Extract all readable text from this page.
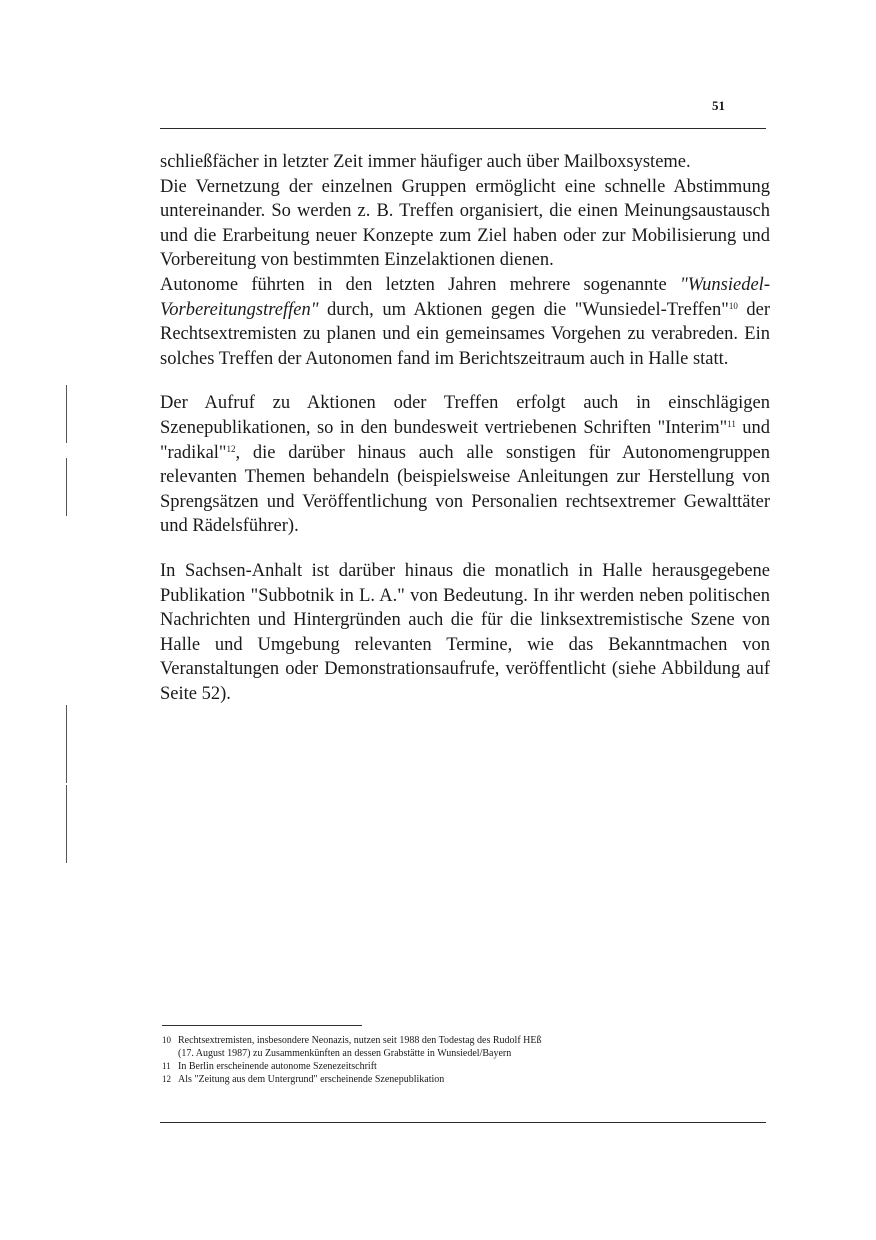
51

schließfächer in letzter Zeit immer häufiger auch über Mailboxsysteme.

Die Vernetzung der einzelnen Gruppen ermöglicht eine schnelle Abstimmung untereinander. So werden z. B. Treffen organisiert, die einen Meinungsaustausch und die Erarbeitung neuer Konzepte zum Ziel haben oder zur Mobilisierung und Vorbereitung von bestimmten Einzelaktionen dienen.

Autonome führten in den letzten Jahren mehrere sogenannte "Wunsiedel-Vorbereitungstreffen" durch, um Aktionen gegen die "Wunsiedel-Treffen"$^{10}$ der Rechtsextremisten zu planen und ein gemeinsames Vorgehen zu verabreden. Ein solches Treffen der Autonomen fand im Berichtszeitraum auch in Halle statt.

Der Aufruf zu Aktionen oder Treffen erfolgt auch in einschlägigen Szenepublikationen, so in den bundesweit vertriebenen Schriften "Interim"$^{11}$ und "radikal"$^{12}$, die darüber hinaus auch alle sonstigen für Autonomengruppen relevanten Themen behandeln (beispielsweise Anleitungen zur Herstellung von Sprengsätzen und Veröffentlichung von Personalien rechtsextremer Gewalttäter und Rädelsführer).

In Sachsen-Anhalt ist darüber hinaus die monatlich in Halle herausgegebene Publikation "Subbotnik in L. A." von Bedeutung. In ihr werden neben politischen Nachrichten und Hintergründen auch die für die linksextremistische Szene von Halle und Umgebung relevanten Termine, wie das Bekanntmachen von Veranstaltungen oder Demonstrationsaufrufe, veröffentlicht (siehe Abbildung auf Seite 52).

10 Rechtsextremisten, insbesondere Neonazis, nutzen seit 1988 den Todestag des Rudolf HEß
(17. August 1987) zu Zusammenkünften an dessen Grabstätte in Wunsiedel/Bayern
11 In Berlin erscheinende autonome Szenezeitschrift
12 Als "Zeitung aus dem Untergrund" erscheinende Szenepublikation
